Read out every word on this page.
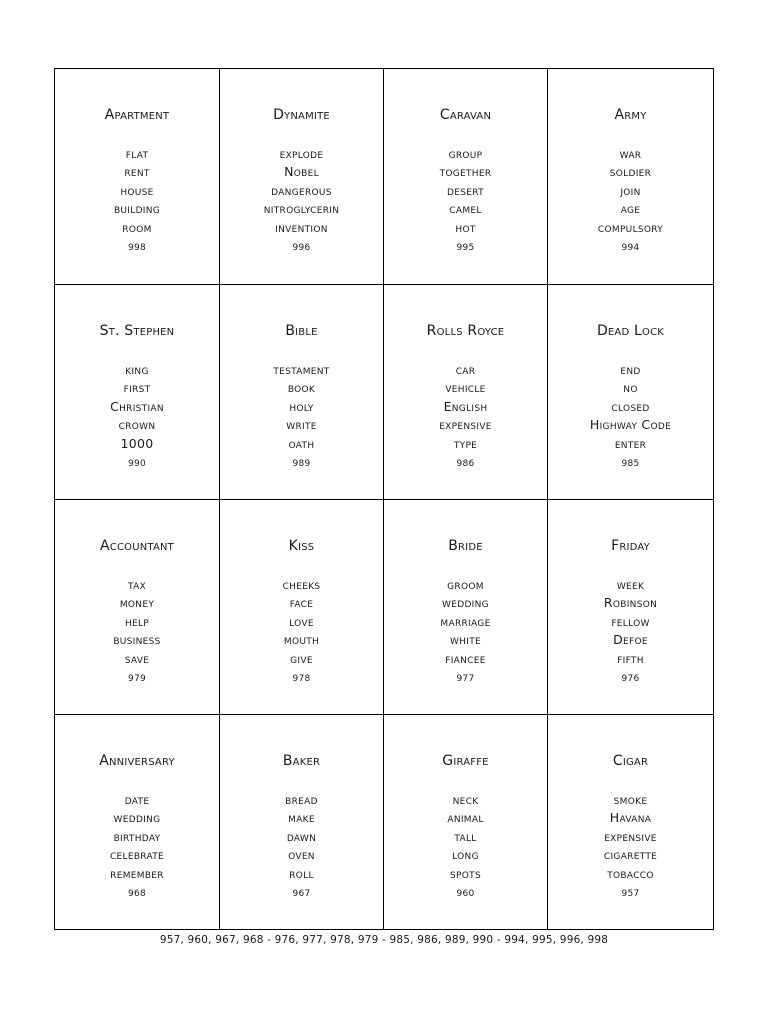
Apartment
flat
rent
house
building
room
998
Dynamite
explode
Nobel
dangerous
nitroglycerin
invention
996
Caravan
group
together
desert
camel
hot
995
Army
war
soldier
join
age
compulsory
994
St. Stephen
king
first
Christian
crown
1000
990
Bible
testament
book
holy
write
oath
989
Rolls Royce
car
vehicle
English
expensive
type
986
Dead Lock
end
no
closed
Highway Code
enter
985
Accountant
tax
money
help
business
save
979
Kiss
cheeks
face
love
mouth
give
978
Bride
groom
wedding
marriage
white
fiancee
977
Friday
week
Robinson
fellow
Defoe
fifth
976
Anniversary
date
wedding
birthday
celebrate
remember
968
Baker
bread
make
dawn
oven
roll
967
Giraffe
neck
animal
tall
long
spots
960
Cigar
smoke
Havana
expensive
cigarette
tobacco
957
957, 960, 967, 968 - 976, 977, 978, 979 - 985, 986, 989, 990 - 994, 995, 996, 998
